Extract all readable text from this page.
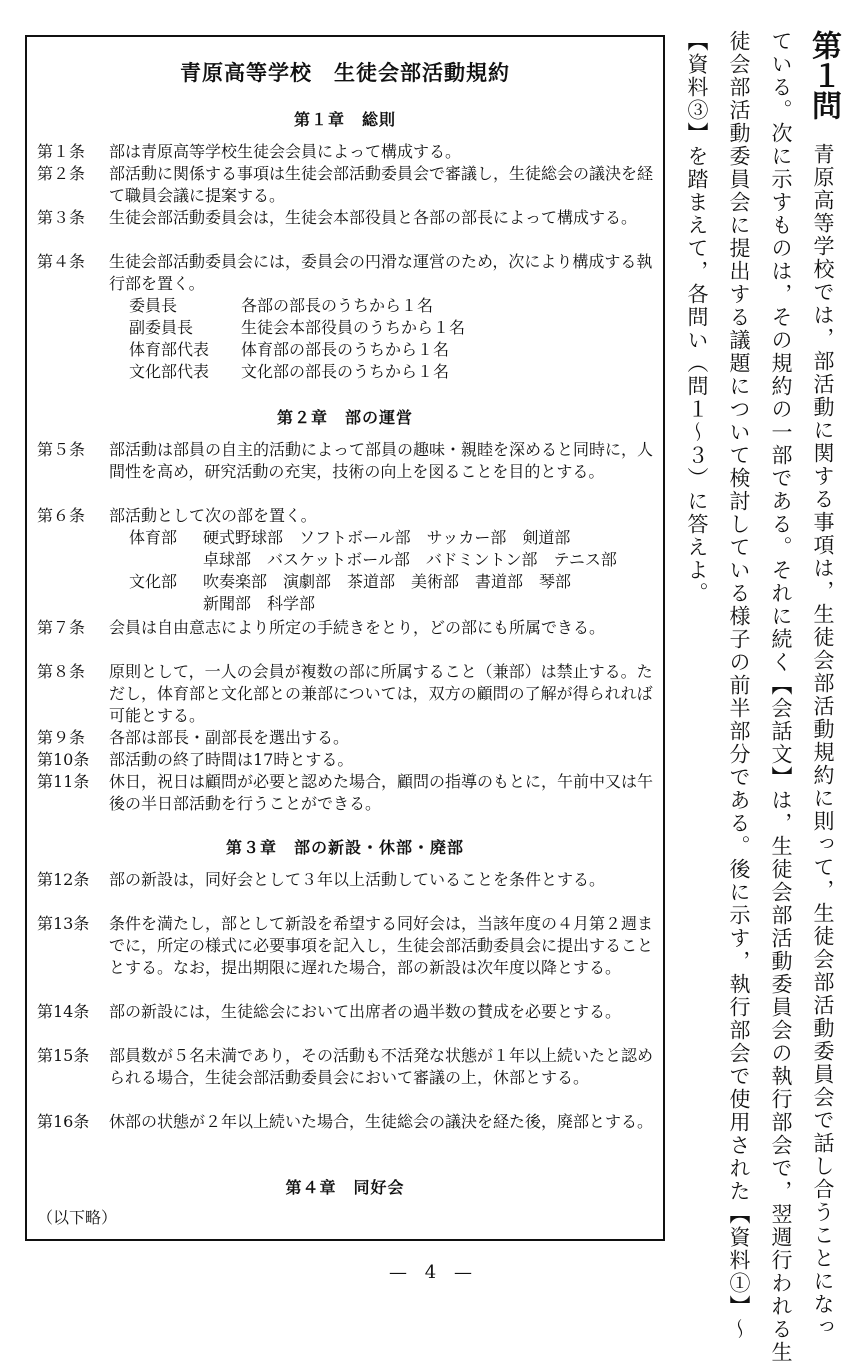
青原高等学校　生徒会部活動規約
第１章　総則
第１条	部は青原高等学校生徒会会員によって構成する。
第２条	部活動に関係する事項は生徒会部活動委員会で審議し，生徒総会の議決を経て職員会議に提案する。
第３条	生徒会部活動委員会は，生徒会本部役員と各部の部長によって構成する。
第４条	生徒会部活動委員会には，委員会の円滑な運営のため，次により構成する執行部を置く。
委員長	各部の部長のうちから１名
副委員長	生徒会本部役員のうちから１名
体育部代表 体育部の部長のうちから１名
文化部代表 文化部の部長のうちから１名
第２章　部の運営
第５条	部活動は部員の自主的活動によって部員の趣味・親睦を深めると同時に，人間性を高め，研究活動の充実，技術の向上を図ることを目的とする。
第６条	部活動として次の部を置く。
体育部 硬式野球部　ソフトボール部　サッカー部　剣道部
卓球部　バスケットボール部　バドミントン部　テニス部
文化部 吹奏楽部　演劇部　茶道部　美術部　書道部　琴部
新聞部　科学部
第７条	会員は自由意志により所定の手続きをとり，どの部にも所属できる。
第８条	原則として，一人の会員が複数の部に所属すること（兼部）は禁止する。ただし，体育部と文化部との兼部については，双方の顧問の了解が得られれば可能とする。
第９条	各部は部長・副部長を選出する。
第10条	部活動の終了時間は17時とする。
第11条	休日，祝日は顧問が必要と認めた場合，顧問の指導のもとに，午前中又は午後の半日部活動を行うことができる。
第３章　部の新設・休部・廃部
第12条	部の新設は，同好会として３年以上活動していることを条件とする。
第13条	条件を満たし，部として新設を希望する同好会は，当該年度の４月第２週までに，所定の様式に必要事項を記入し，生徒会部活動委員会に提出することとする。なお，提出期限に遅れた場合，部の新設は次年度以降とする。
第14条	部の新設には，生徒総会において出席者の過半数の賛成を必要とする。
第15条	部員数が５名未満であり，その活動も不活発な状態が１年以上続いたと認められる場合，生徒会部活動委員会において審議の上，休部とする。
第16条	休部の状態が２年以上続いた場合，生徒総会の議決を経た後，廃部とする。
第４章　同好会
（以下略）
第１問　青原高等学校では，部活動に関する事項は，生徒会部活動規約に則って，生徒会部活動委員会で話し合うことになっ
ている。次に示すものは，その規約の一部である。それに続く【会話文】は，生徒会部活動委員会の執行部会で，翌週行われる生
徒会部活動委員会に提出する議題について検討している様子の前半部分である。後に示す，執行部会で使用された【資料①】～
【資料③】を踏まえて，各問い（問１～３）に答えよ。
— 4 —
